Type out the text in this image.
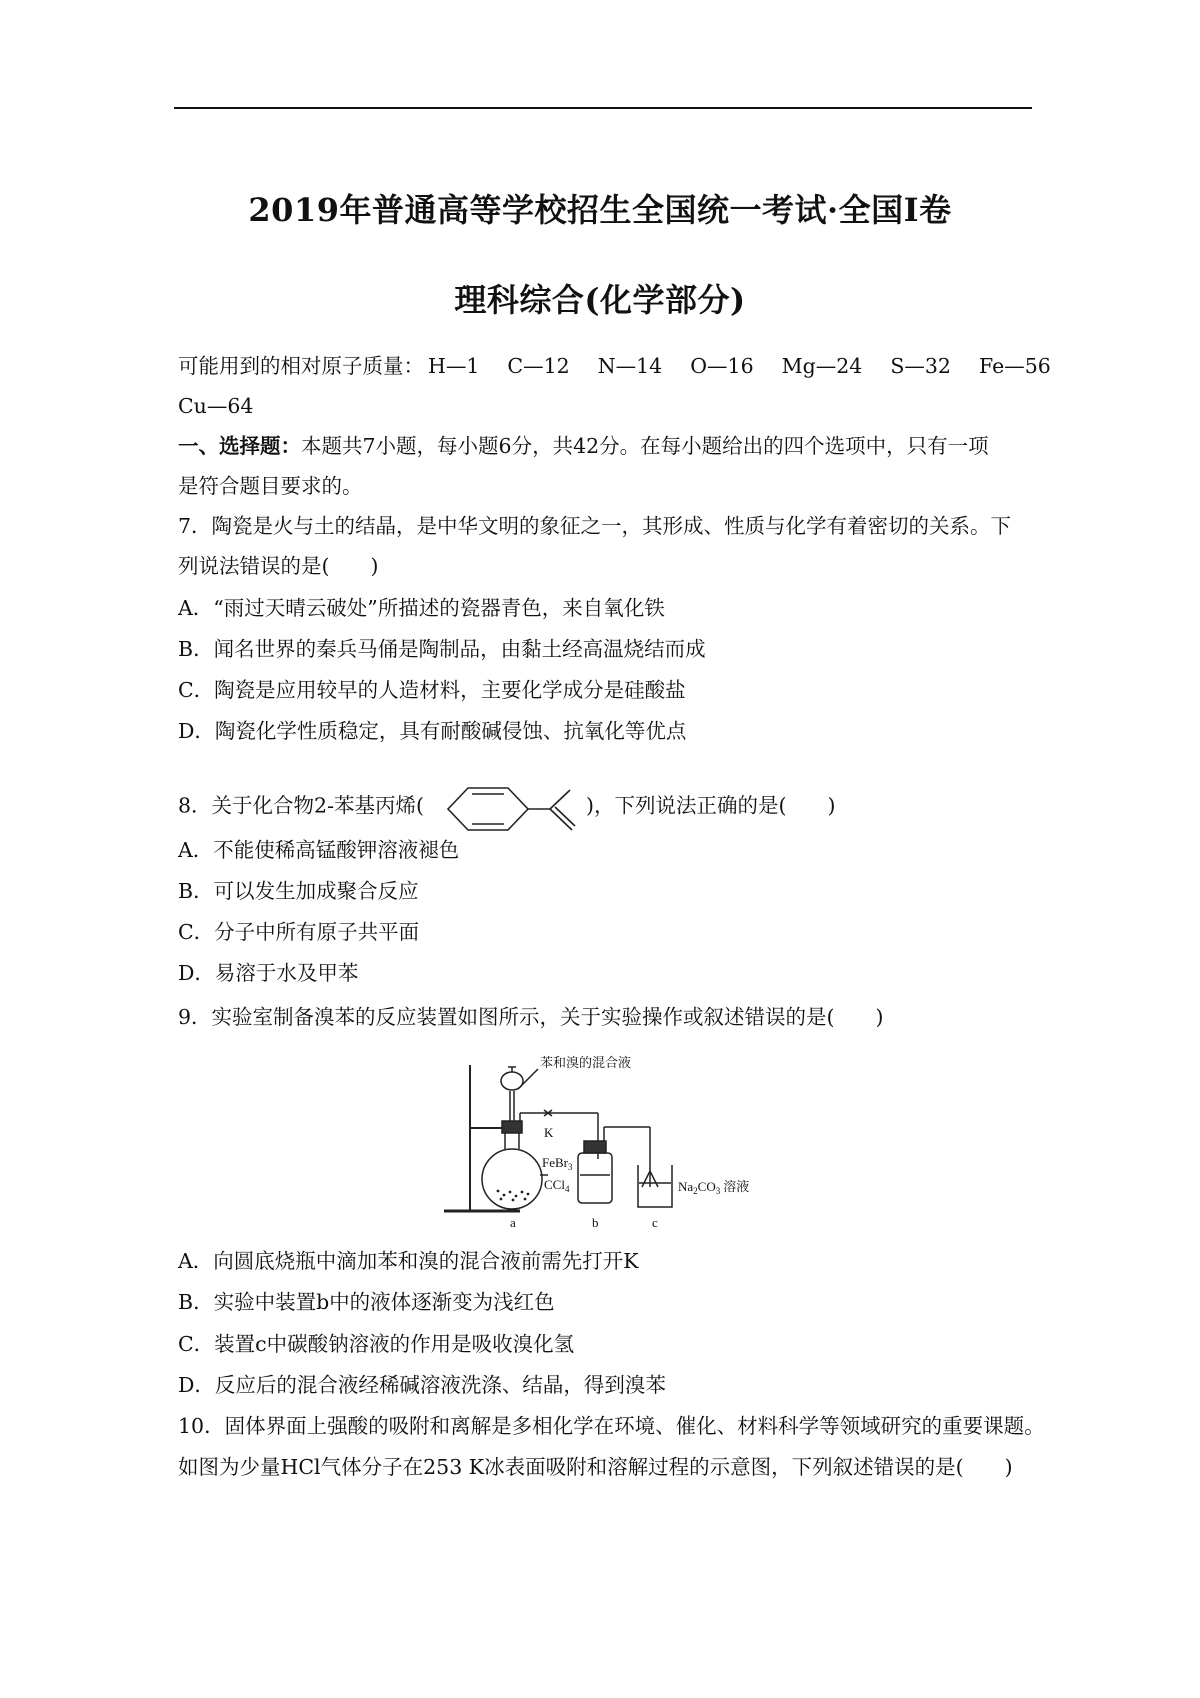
2019年普通高等学校招生全国统一考试·全国Ⅰ卷
理科综合(化学部分)
可能用到的相对原子质量： H—1 C—12 N—14 O—16 Mg—24 S—32 Fe—56
Cu—64
一、选择题：本题共7小题，每小题6分，共42分。在每小题给出的四个选项中，只有一项
是符合题目要求的。
7．陶瓷是火与土的结晶，是中华文明的象征之一，其形成、性质与化学有着密切的关系。下
列说法错误的是(　　)
A．“雨过天晴云破处”所描述的瓷器青色，来自氧化铁
B．闻名世界的秦兵马俑是陶制品，由黏土经高温烧结而成
C．陶瓷是应用较早的人造材料，主要化学成分是硅酸盐
D．陶瓷化学性质稳定，具有耐酸碱侵蚀、抗氧化等优点
8．关于化合物2-苯基丙烯(	)，下列说法正确的是(　　)
A．不能使稀高锰酸钾溶液褪色
B．可以发生加成聚合反应
C．分子中所有原子共平面
D．易溶于水及甲苯
9．实验室制备溴苯的反应装置如图所示，关于实验操作或叙述错误的是(　　)
苯和溴的混合液
K
FeBr$_3$
CCl$_4$	$Na_2CO_3$ 溶液
a	b	c
A．向圆底烧瓶中滴加苯和溴的混合液前需先打开K
B．实验中装置b中的液体逐渐变为浅红色
C．装置c中碳酸钠溶液的作用是吸收溴化氢
D．反应后的混合液经稀碱溶液洗涤、结晶，得到溴苯
10．固体界面上强酸的吸附和离解是多相化学在环境、催化、材料科学等领域研究的重要课题。
如图为少量HCl气体分子在253 K冰表面吸附和溶解过程的示意图，下列叙述错误的是(　　)
